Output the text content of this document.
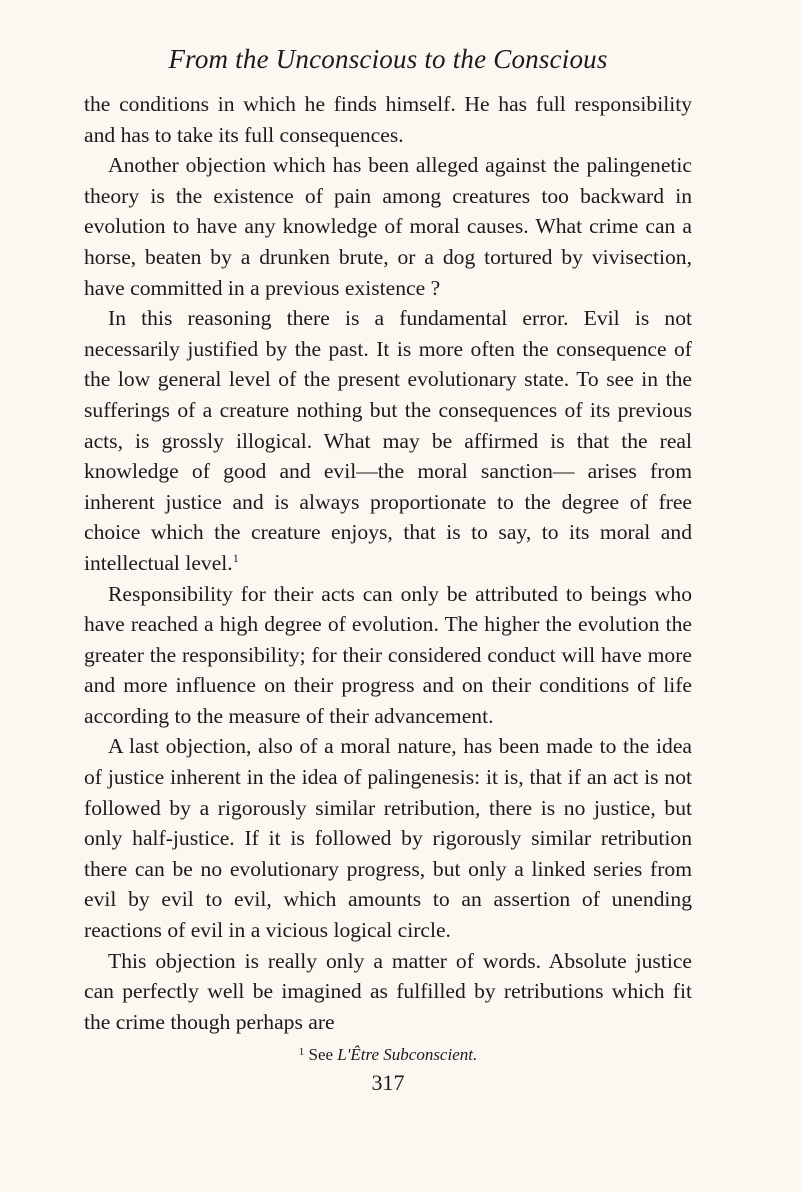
From the Unconscious to the Conscious

the conditions in which he finds himself. He has full responsibility and has to take its full consequences.

Another objection which has been alleged against the palingenetic theory is the existence of pain among creatures too backward in evolution to have any knowledge of moral causes. What crime can a horse, beaten by a drunken brute, or a dog tortured by vivisection, have committed in a previous existence ?

In this reasoning there is a fundamental error. Evil is not necessarily justified by the past. It is more often the consequence of the low general level of the present evolutionary state. To see in the sufferings of a creature nothing but the consequences of its previous acts, is grossly illogical. What may be affirmed is that the real knowledge of good and evil—the moral sanction— arises from inherent justice and is always proportionate to the degree of free choice which the creature enjoys, that is to say, to its moral and intellectual level.$^1$

Responsibility for their acts can only be attributed to beings who have reached a high degree of evolution. The higher the evolution the greater the responsibility; for their considered conduct will have more and more influence on their progress and on their conditions of life according to the measure of their advancement.

A last objection, also of a moral nature, has been made to the idea of justice inherent in the idea of palingenesis: it is, that if an act is not followed by a rigorously similar retribution, there is no justice, but only half-justice. If it is followed by rigorously similar retribution there can be no evolutionary progress, but only a linked series from evil by evil to evil, which amounts to an assertion of unending reactions of evil in a vicious logical circle.

This objection is really only a matter of words. Absolute justice can perfectly well be imagined as fulfilled by retributions which fit the crime though perhaps are

$^1$ See L'Être Subconscient.
317
